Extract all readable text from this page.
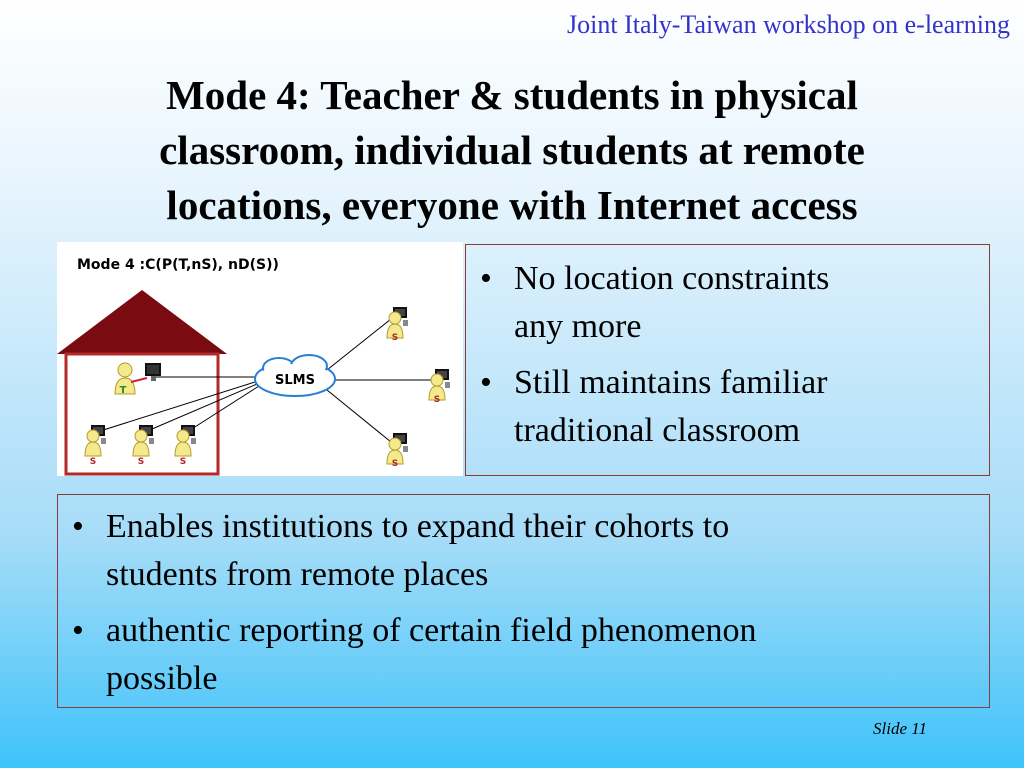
Joint Italy-Taiwan workshop on e-learning
Mode 4: Teacher & students in physical
classroom, individual students at remote
locations, everyone with Internet access
Mode 4 :C(P(T,nS), nD(S))
SLMS
T
S	S	S
S
S
S
• No location constraints
any more
• Still maintains familiar
traditional classroom
• Enables institutions to expand their cohorts to
students from remote places
• authentic reporting of certain field phenomenon
possible
Slide 11
